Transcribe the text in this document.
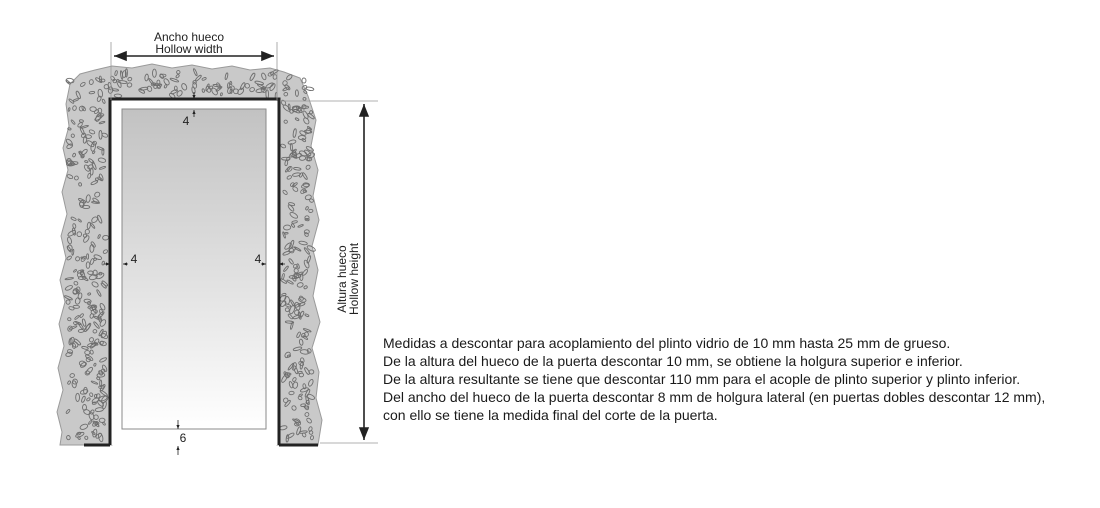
Ancho hueco
Hollow width
Altura hueco
Hollow height
4
4	4
6

Medidas a descontar para acoplamiento del plinto vidrio de 10 mm hasta 25 mm de grueso.

De la altura del hueco de la puerta descontar 10 mm, se obtiene la holgura superior e inferior.

De la altura resultante se tiene que descontar 110 mm para el acople de plinto superior y plinto inferior.

Del ancho del hueco de la puerta descontar 8 mm de holgura lateral (en puertas dobles descontar 12 mm),

con ello se tiene la medida final del corte de la puerta.
